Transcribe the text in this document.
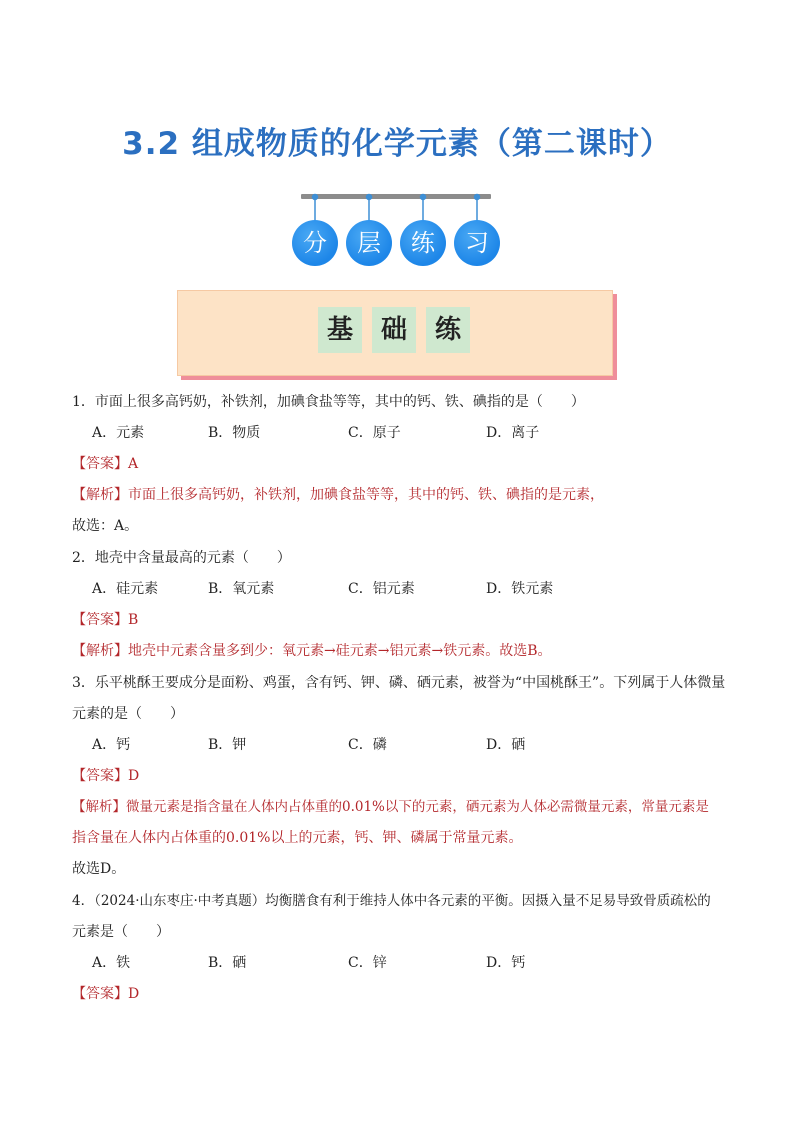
3.2 组成物质的化学元素（第二课时）
分	层	练	习
基	础	练
1．市面上很多高钙奶，补铁剂，加碘食盐等等，其中的钙、铁、碘指的是（　　）
A．元素	B．物质	C．原子	D．离子
【答案】A
【解析】市面上很多高钙奶，补铁剂，加碘食盐等等，其中的钙、铁、碘指的是元素，
故选：A。
2．地壳中含量最高的元素（　　）
A．硅元素	B．氧元素	C．铝元素	D．铁元素
【答案】B
【解析】地壳中元素含量多到少：氧元素→硅元素→铝元素→铁元素。故选B。
3．乐平桃酥王要成分是面粉、鸡蛋，含有钙、钾、磷、硒元素，被誉为“中国桃酥王”。下列属于人体微量
元素的是（　　）
A．钙	B．钾	C．磷	D．硒
【答案】D
【解析】微量元素是指含量在人体内占体重的0.01%以下的元素，硒元素为人体必需微量元素，常量元素是
指含量在人体内占体重的0.01%以上的元素，钙、钾、磷属于常量元素。
故选D。
4．（2024·山东枣庄·中考真题）均衡膳食有利于维持人体中各元素的平衡。因摄入量不足易导致骨质疏松的
元素是（　　）
A．铁	B．硒	C．锌	D．钙
【答案】D
